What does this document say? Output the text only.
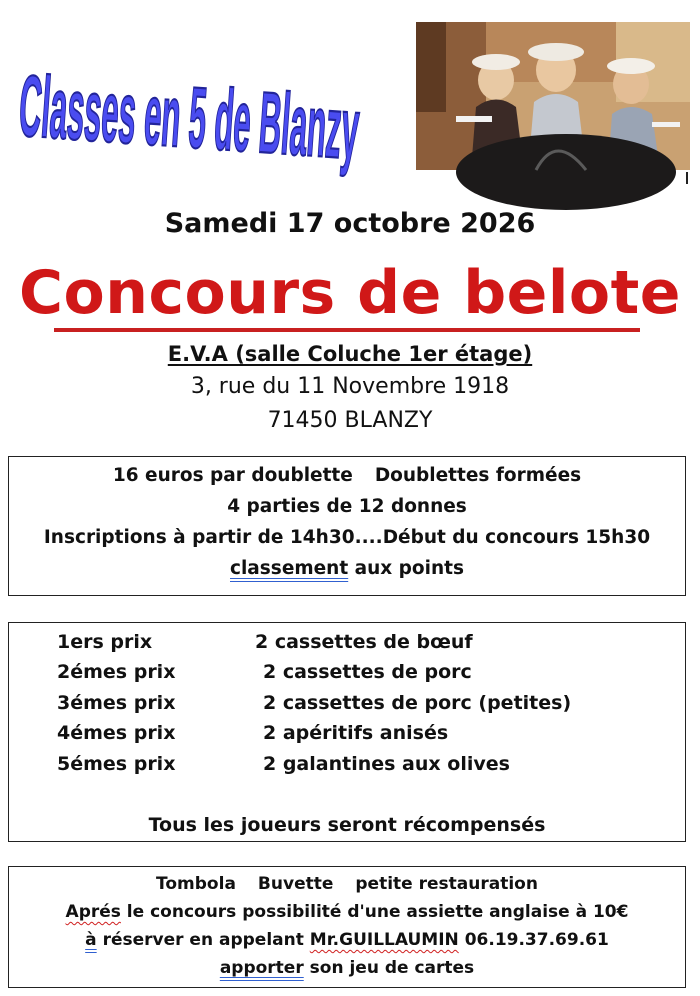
Classes en 5 de Blanzy
Samedi 17 octobre 2026
Concours de belote
E.V.A (salle Coluche 1er étage)
3, rue du 11 Novembre 1918
71450 BLANZY
16 euros par doublette Doublettes formées
4 parties de 12 donnes
Inscriptions à partir de 14h30....Début du concours 15h30
classement aux points
1ers prix	2 cassettes de bœuf
2émes prix	2 cassettes de porc
3émes prix	2 cassettes de porc (petites)
4émes prix	2 apéritifs anisés
5émes prix	2 galantines aux olives
Tous les joueurs seront récompensés
Tombola Buvette petite restauration
Aprés le concours possibilité d'une assiette anglaise à 10€
à réserver en appelant Mr.GUILLAUMIN 06.19.37.69.61
apporter son jeu de cartes
